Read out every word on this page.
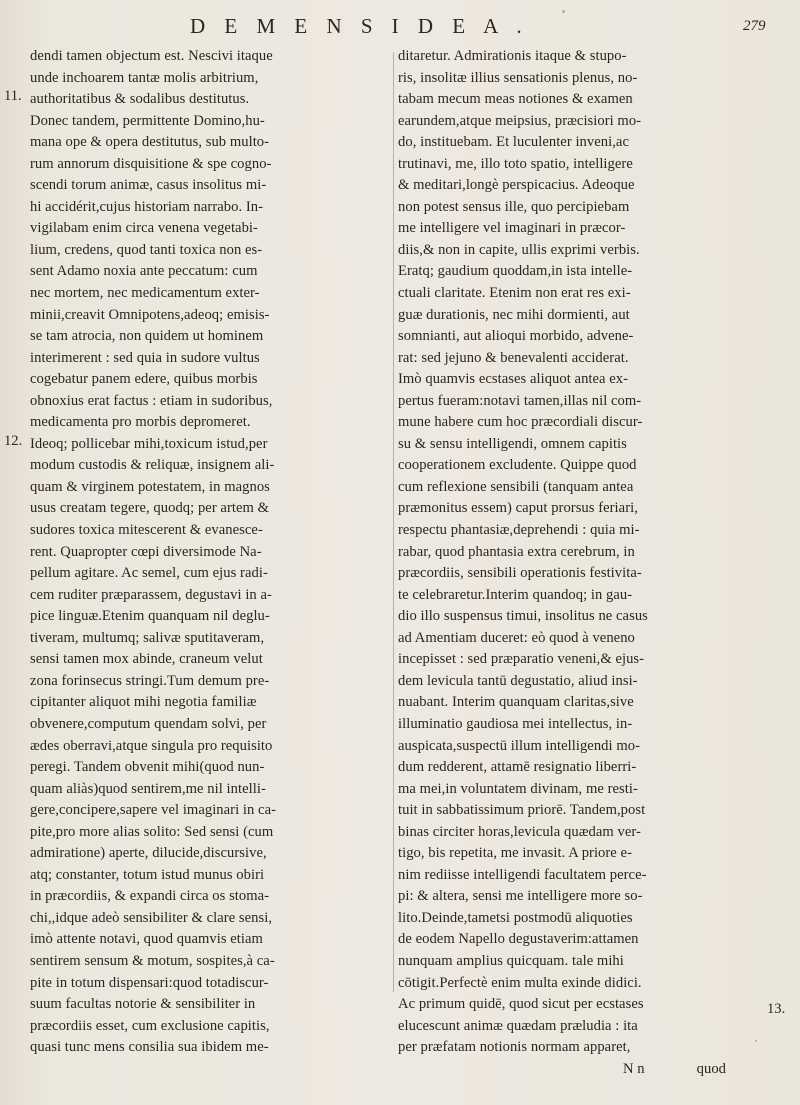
D E M E N S I D E A .	279
11.
12.
13.
dendi tamen objectum est. Nescivi itaque
unde inchoarem tantæ molis arbitrium,
authoritatibus & sodalibus destitutus.
Donec tandem, permittente Domino,hu-
mana ope & opera destitutus, sub multo-
rum annorum disquisitione & spe cogno-
scendi torum animæ, casus insolitus mi-
hi accidérit,cujus historiam narrabo. In-
vigilabam enim circa venena vegetabi-
lium, credens, quod tanti toxica non es-
sent Adamo noxia ante peccatum: cum
nec mortem, nec medicamentum exter-
minii,creavit Omnipotens,adeoq; emisis-
se tam atrocia, non quidem ut hominem
interimerent : sed quia in sudore vultus
cogebatur panem edere, quibus morbis
obnoxius erat factus : etiam in sudoribus,
medicamenta pro morbis depromeret.
Ideoq; pollicebar mihi,toxicum istud,per
modum custodis & reliquæ, insignem ali-
quam & virginem potestatem, in magnos
usus creatam tegere, quodq; per artem &
sudores toxica mitescerent & evanesce-
rent. Quapropter cœpi diversimode Na-
pellum agitare. Ac semel, cum ejus radi-
cem ruditer præparassem, degustavi in a-
pice linguæ.Etenim quanquam nil deglu-
tiveram, multumq; salivæ sputitaveram,
sensi tamen mox abinde, craneum velut
zona forinsecus stringi.Tum demum pre-
cipitanter aliquot mihi negotia familiæ
obvenere,computum quendam solvi, per
ædes oberravi,atque singula pro requisito
peregi. Tandem obvenit mihi(quod nun-
quam aliàs)quod sentirem,me nil intelli-
gere,concipere,sapere vel imaginari in ca-
pite,pro more alias solito: Sed sensi (cum
admiratione) aperte, dilucide,discursive,
atq; constanter, totum istud munus obiri
in præcordiis, & expandi circa os stoma-
chi,,idque adeò sensibiliter & clare sensi,
imò attente notavi, quod quamvis etiam
sentirem sensum & motum, sospites,à ca-
pite in totum dispensari:quod totadiscur-
suum facultas notorie & sensibiliter in
præcordiis esset, cum exclusione capitis,
quasi tunc mens consilia sua ibidem me-
ditaretur. Admirationis itaque & stupo-
ris, insolitæ illius sensationis plenus, no-
tabam mecum meas notiones & examen
earundem,atque meipsius, præcisiori mo-
do, instituebam. Et luculenter inveni,ac
trutinavi, me, illo toto spatio, intelligere
& meditari,longè perspicacius. Adeoque
non potest sensus ille, quo percipiebam
me intelligere vel imaginari in præcor-
diis,& non in capite, ullis exprimi verbis.
Eratq; gaudium quoddam,in ista intelle-
ctuali claritate. Etenim non erat res exi-
guæ durationis, nec mihi dormienti, aut
somnianti, aut alioqui morbido, advene-
rat: sed jejuno & benevalenti acciderat.
Imò quamvis ecstases aliquot antea ex-
pertus fueram:notavi tamen,illas nil com-
mune habere cum hoc præcordiali discur-
su & sensu intelligendi, omnem capitis
cooperationem excludente. Quippe quod
cum reflexione sensibili (tanquam antea
præmonitus essem) caput prorsus feriari,
respectu phantasiæ,deprehendi : quia mi-
rabar, quod phantasia extra cerebrum, in
præcordiis, sensibili operationis festivita-
te celebraretur.Interim quandoq; in gau-
dio illo suspensus timui, insolitus ne casus
ad Amentiam duceret: eò quod à veneno
incepisset : sed præparatio veneni,& ejus-
dem levicula tantū degustatio, aliud insi-
nuabant. Interim quanquam claritas,sive
illuminatio gaudiosa mei intellectus, in-
auspicata,suspectū illum intelligendi mo-
dum redderent, attamē resignatio liberri-
ma mei,in voluntatem divinam, me resti-
tuit in sabbatissimum priorē. Tandem,post
binas circiter horas,levicula quædam ver-
tigo, bis repetita, me invasit. A priore e-
nim rediisse intelligendi facultatem perce-
pi: & altera, sensi me intelligere more so-
lito.Deinde,tametsi postmodū aliquoties
de eodem Napello degustaverim:attamen
nunquam amplius quicquam. tale mihi
cōtigit.Perfectè enim multa exinde didici.
Ac primum quidē, quod sicut per ecstases
elucescunt animæ quædam præludia : ita
per præfatam notionis normam apparet,
N n	quod
